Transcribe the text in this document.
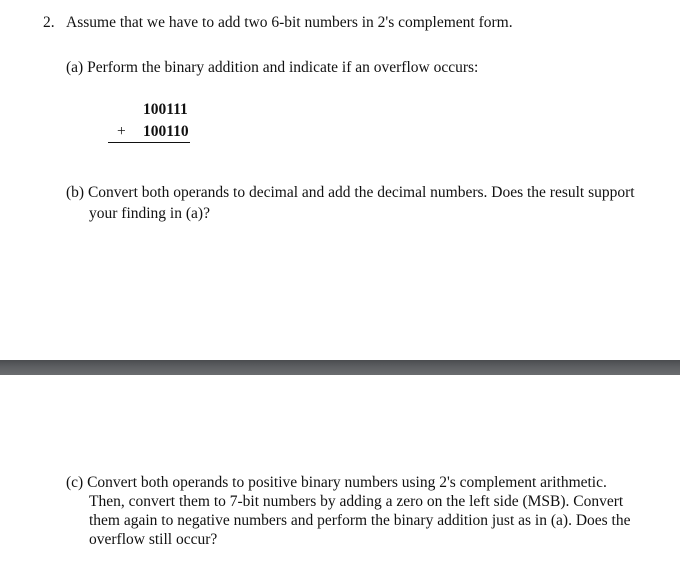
2. Assume that we have to add two 6-bit numbers in 2's complement form.
(a) Perform the binary addition and indicate if an overflow occurs:
100111
+ 100110
(b) Convert both operands to decimal and add the decimal numbers. Does the result support
your finding in (a)?
(c) Convert both operands to positive binary numbers using 2's complement arithmetic.
Then, convert them to 7-bit numbers by adding a zero on the left side (MSB). Convert
them again to negative numbers and perform the binary addition just as in (a). Does the
overflow still occur?
